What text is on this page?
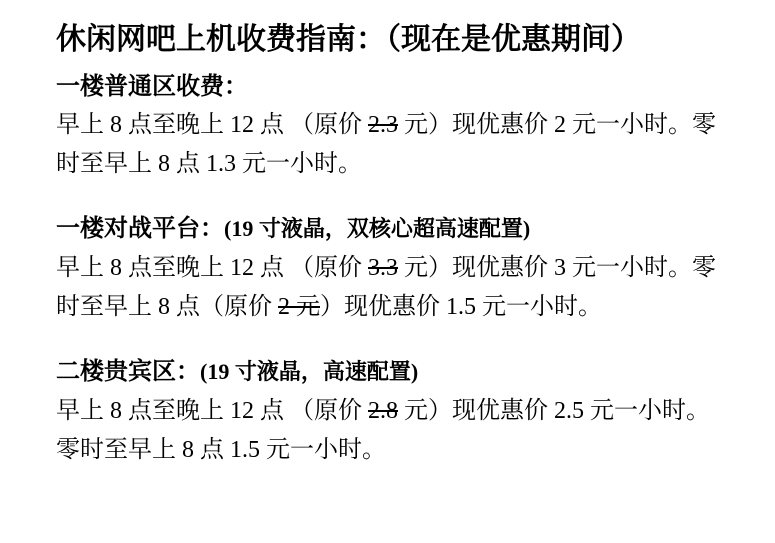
休闲网吧上机收费指南：（现在是优惠期间）
一楼普通区收费：
早上 8 点至晚上 12 点 （原价 2.3 元）现优惠价 2 元一小时。零
时至早上 8 点 1.3 元一小时。
一楼对战平台：(19 寸液晶，双核心超高速配置)
早上 8 点至晚上 12 点 （原价 3.3 元）现优惠价 3 元一小时。零
时至早上 8 点（原价 2 元）现优惠价 1.5 元一小时。
二楼贵宾区：(19 寸液晶，高速配置)
早上 8 点至晚上 12 点 （原价 2.8 元）现优惠价 2.5 元一小时。
零时至早上 8 点 1.5 元一小时。
